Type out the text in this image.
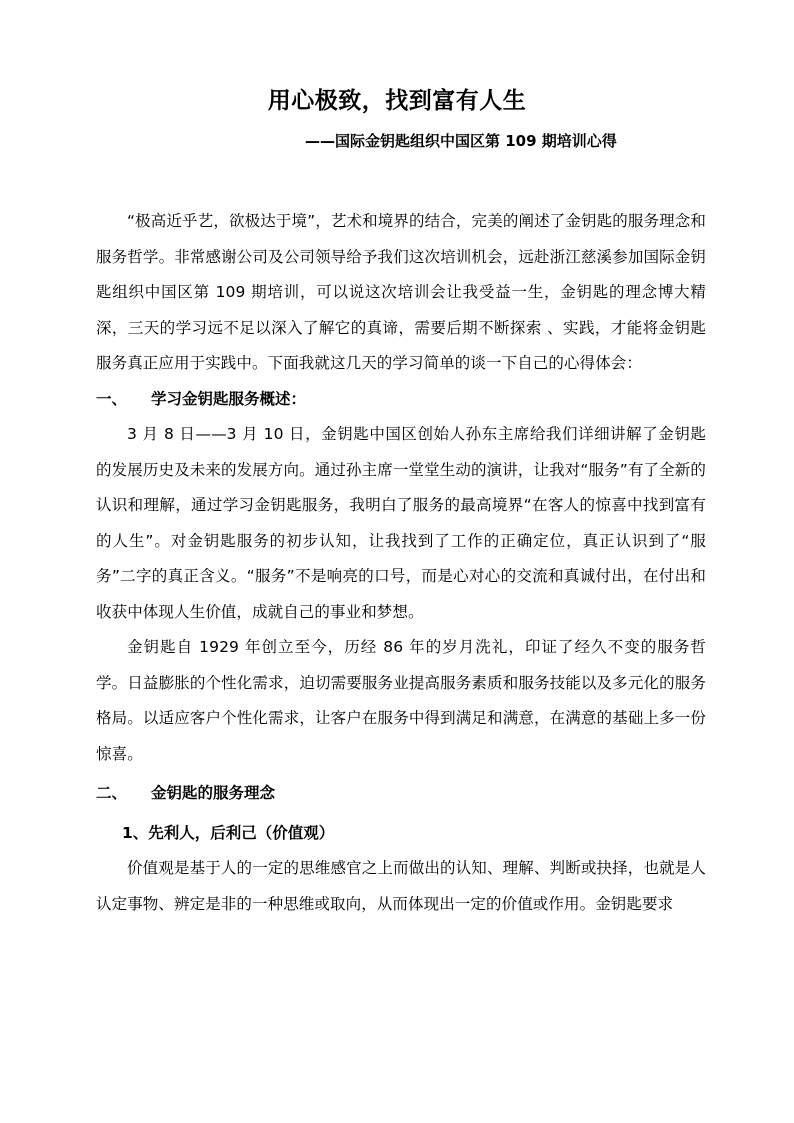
用心极致，找到富有人生
——国际金钥匙组织中国区第 109 期培训心得

“极高近乎艺，欲极达于境”，艺术和境界的结合，完美的阐述了金钥匙的服务理念和服务哲学。非常感谢公司及公司领导给予我们这次培训机会，远赴浙江慈溪参加国际金钥匙组织中国区第 109 期培训，可以说这次培训会让我受益一生，金钥匙的理念博大精深，三天的学习远不足以深入了解它的真谛，需要后期不断探索 、实践，才能将金钥匙服务真正应用于实践中。下面我就这几天的学习简单的谈一下自己的心得体会：

一、	学习金钥匙服务概述：

3 月 8 日——3 月 10 日，金钥匙中国区创始人孙东主席给我们详细讲解了金钥匙的发展历史及未来的发展方向。通过孙主席一堂堂生动的演讲，让我对“服务”有了全新的认识和理解，通过学习金钥匙服务，我明白了服务的最高境界“在客人的惊喜中找到富有的人生”。对金钥匙服务的初步认知，让我找到了工作的正确定位，真正认识到了“服务”二字的真正含义。“服务”不是响亮的口号，而是心对心的交流和真诚付出，在付出和收获中体现人生价值，成就自己的事业和梦想。

金钥匙自 1929 年创立至今，历经 86 年的岁月洗礼，印证了经久不变的服务哲学。日益膨胀的个性化需求，迫切需要服务业提高服务素质和服务技能以及多元化的服务格局。以适应客户个性化需求，让客户在服务中得到满足和满意，在满意的基础上多一份惊喜。

二、	金钥匙的服务理念
1、先利人，后利己（价值观）

价值观是基于人的一定的思维感官之上而做出的认知、理解、判断或抉择，也就是人认定事物、辨定是非的一种思维或取向，从而体现出一定的价值或作用。金钥匙要求
